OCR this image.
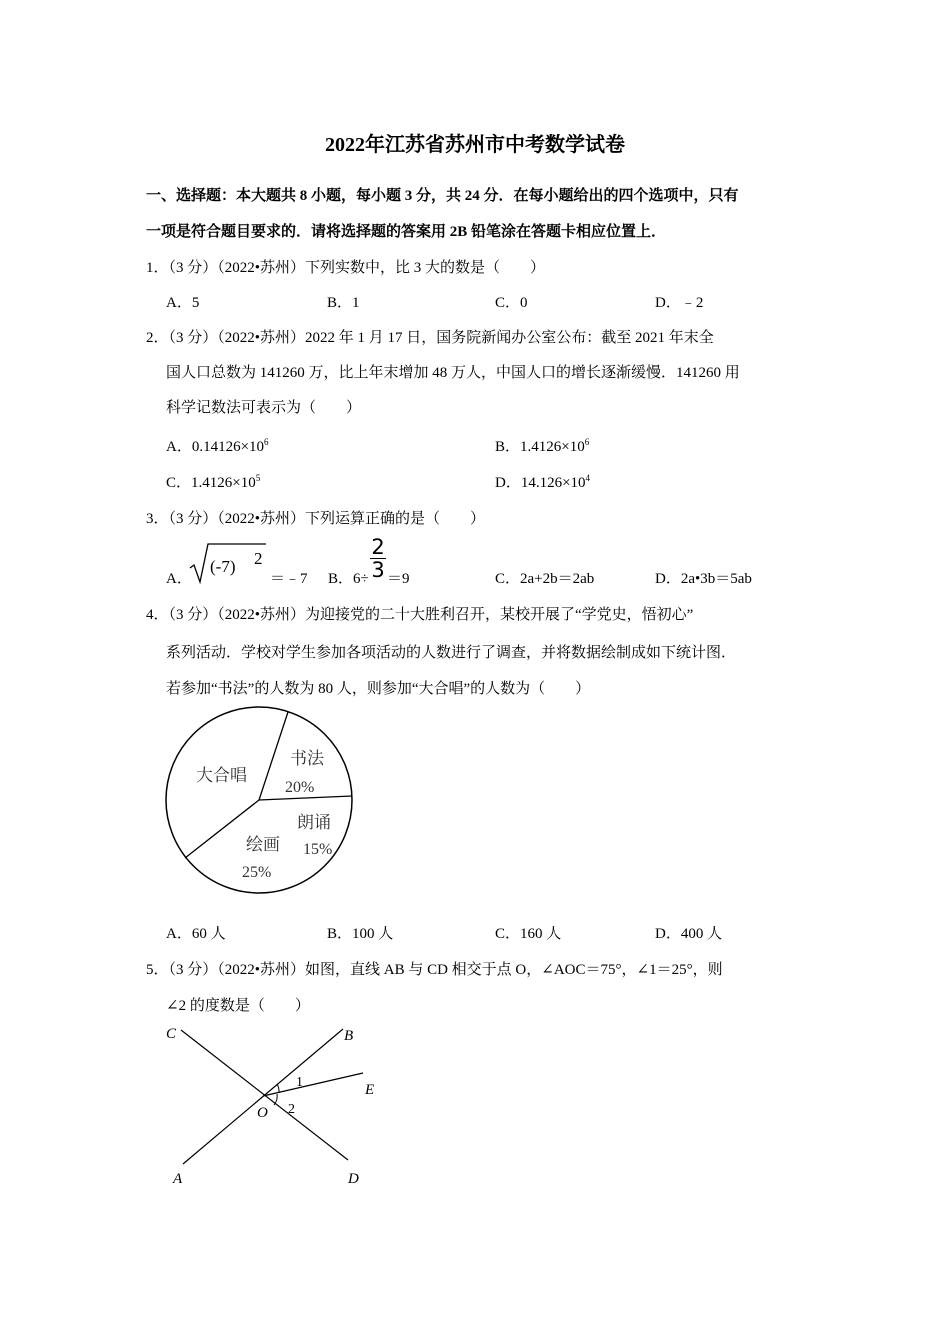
2022年江苏省苏州市中考数学试卷
一、选择题：本大题共 8 小题，每小题 3 分，共 24 分．在每小题给出的四个选项中，只有
一项是符合题目要求的．请将选择题的答案用 2B 铅笔涂在答题卡相应位置上．
1．（3 分）（2022•苏州）下列实数中，比 3 大的数是（　　）
A．5	B．1	C．0	D．﹣2
2．（3 分）（2022•苏州）2022 年 1 月 17 日，国务院新闻办公室公布：截至 2021 年末全
国人口总数为 141260 万，比上年末增加 48 万人，中国人口的增长逐渐缓慢．141260 用
科学记数法可表示为（　　）
A．$0.14126\times 10^6$	B．$1.4126\times 10^6$
C．$1.4126\times 10^5$	D．$14.126\times 10^4$
3．（3 分）（2022•苏州）下列运算正确的是（　　）
A．
(-7) 2
＝﹣7 B．$6\div \frac{2}{3} =9$	C．2a+2b＝2ab	D．2a•3b＝5ab
4．（3 分）（2022•苏州）为迎接党的二十大胜利召开，某校开展了“学党史，悟初心”
系列活动．学校对学生参加各项活动的人数进行了调查，并将数据绘制成如下统计图．
若参加“书法”的人数为 80 人，则参加“大合唱”的人数为（　　）
书法
20%
朗诵
15%
绘画
25%
大合唱
A．60 人	B．100 人	C．160 人	D．400 人
5．（3 分）（2022•苏州）如图，直线 AB 与 CD 相交于点 O，∠AOC＝75°，∠1＝25°，则
∠2 的度数是（　　）
C	B
E
O
A	D
1
2
